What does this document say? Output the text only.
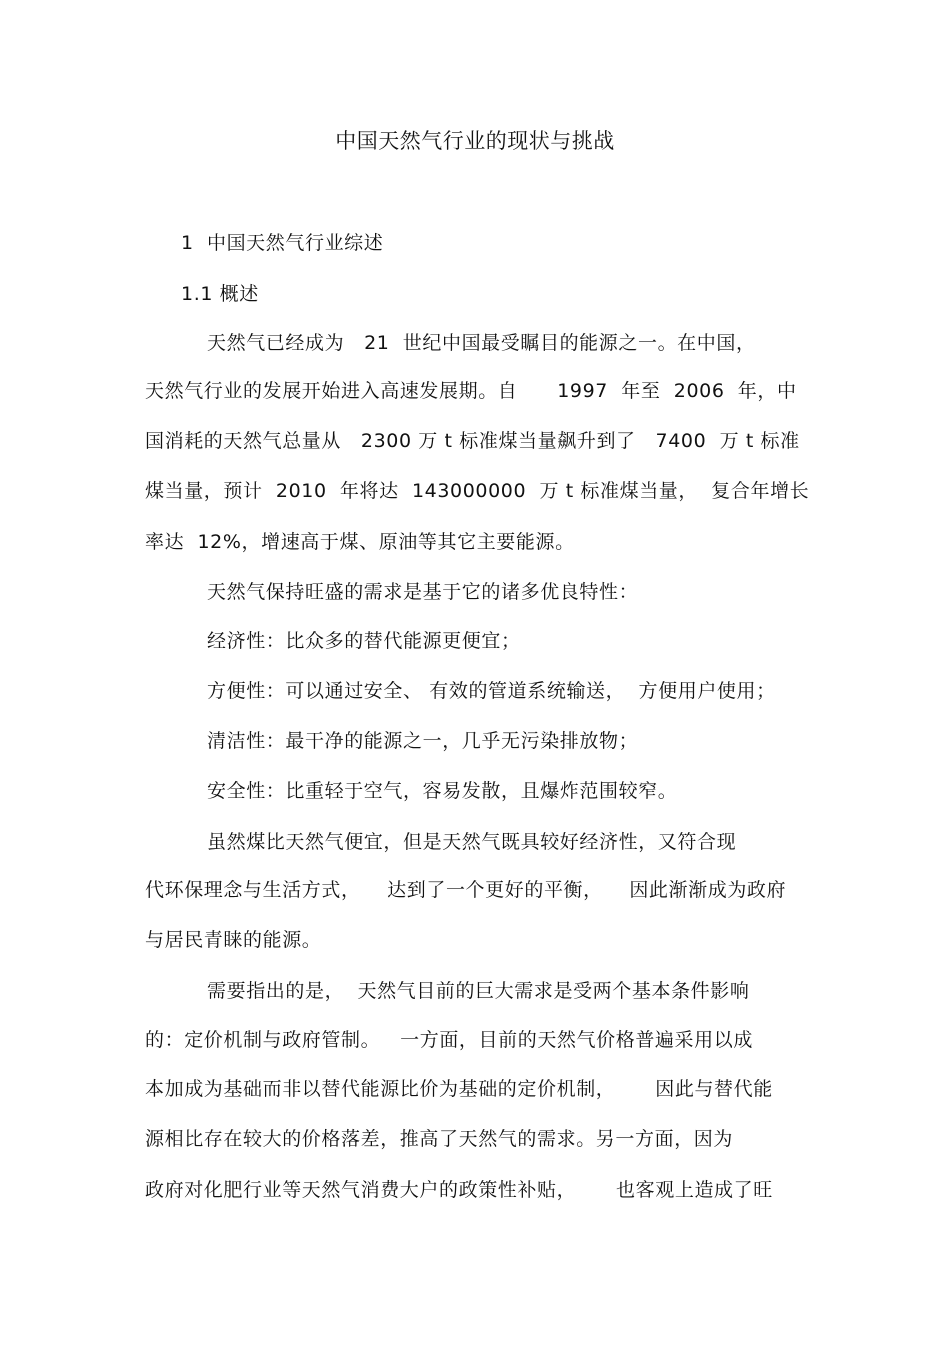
中国天然气行业的现状与挑战
1  中国天然气行业综述
1.1 概述
天然气已经成为   21  世纪中国最受瞩目的能源之一。在中国，
天然气行业的发展开始进入高速发展期。自      1997  年至  2006  年，中
国消耗的天然气总量从   2300 万 t 标准煤当量飙升到了   7400  万 t 标准
煤当量，预计  2010  年将达  143000000  万 t 标准煤当量，  复合年增长
率达  12%，增速高于煤、原油等其它主要能源。
天然气保持旺盛的需求是基于它的诸多优良特性：
经济性：比众多的替代能源更便宜；
方便性：可以通过安全、 有效的管道系统输送，  方便用户使用；
清洁性：最干净的能源之一，几乎无污染排放物；
安全性：比重轻于空气，容易发散，且爆炸范围较窄。
虽然煤比天然气便宜，但是天然气既具较好经济性，又符合现
代环保理念与生活方式，    达到了一个更好的平衡，    因此渐渐成为政府
与居民青睐的能源。
需要指出的是，  天然气目前的巨大需求是受两个基本条件影响
的：定价机制与政府管制。   一方面，目前的天然气价格普遍采用以成
本加成为基础而非以替代能源比价为基础的定价机制，      因此与替代能
源相比存在较大的价格落差，推高了天然气的需求。另一方面，因为
政府对化肥行业等天然气消费大户的政策性补贴，      也客观上造成了旺
